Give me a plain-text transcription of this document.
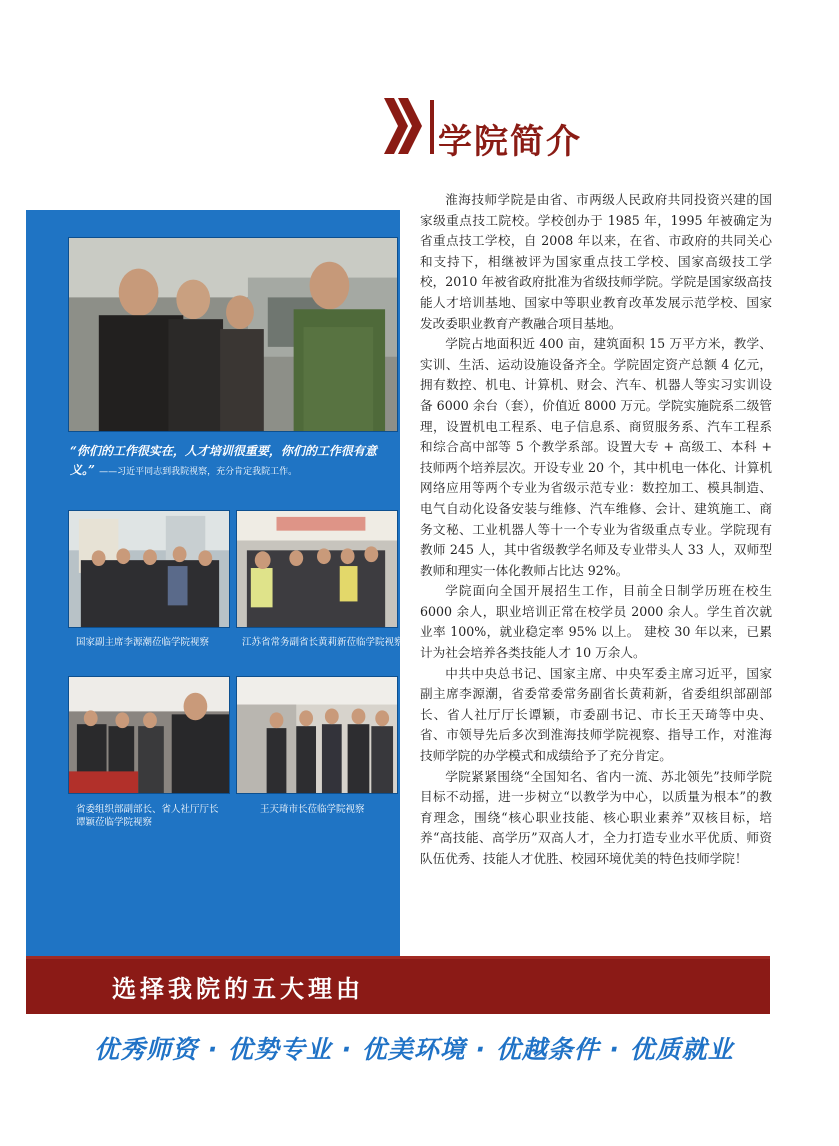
学院简介
“你们的工作很实在，人才培训很重要，你们的工作很有意义。” ——习近平同志到我院视察，充分肯定我院工作。
国家副主席李源潮莅临学院视察	江苏省常务副省长黄莉新莅临学院视察
省委组织部副部长、省人社厅厅长谭颖莅临学院视察
王天琦市长莅临学院视察

淮海技师学院是由省、市两级人民政府共同投资兴建的国家级重点技工院校。学校创办于 1985 年，1995 年被确定为省重点技工学校，自 2008 年以来，在省、市政府的共同关心和支持下，相继被评为国家重点技工学校、国家高级技工学校，2010 年被省政府批准为省级技师学院。学院是国家级高技能人才培训基地、国家中等职业教育改革发展示范学校、国家发改委职业教育产教融合项目基地。

学院占地面积近 400 亩，建筑面积 15 万平方米，教学、实训、生活、运动设施设备齐全。学院固定资产总额 4 亿元，拥有数控、机电、计算机、财会、汽车、机器人等实习实训设备 6000 余台（套），价值近 8000 万元。学院实施院系二级管理，设置机电工程系、电子信息系、商贸服务系、汽车工程系和综合高中部等 5 个教学系部。设置大专 + 高级工、本科 + 技师两个培养层次。开设专业 20 个，其中机电一体化、计算机网络应用等两个专业为省级示范专业：数控加工、模具制造、电气自动化设备安装与维修、汽车维修、会计、建筑施工、商务文秘、工业机器人等十一个专业为省级重点专业。学院现有教师 245 人，其中省级教学名师及专业带头人 33 人，双师型教师和理实一体化教师占比达 92%。

学院面向全国开展招生工作，目前全日制学历班在校生 6000 余人，职业培训正常在校学员 2000 余人。学生首次就业率 100%，就业稳定率 95% 以上。 建校 30 年以来，已累计为社会培养各类技能人才 10 万余人。

中共中央总书记、国家主席、中央军委主席习近平，国家副主席李源潮，省委常委常务副省长黄莉新，省委组织部副部长、省人社厅厅长谭颖，市委副书记、市长王天琦等中央、省、市领导先后多次到淮海技师学院视察、指导工作，对淮海技师学院的办学模式和成绩给予了充分肯定。

学院紧紧围绕“全国知名、省内一流、苏北领先”技师学院目标不动摇，进一步树立“以教学为中心，以质量为根本”的教育理念，围绕“核心职业技能、核心职业素养”双核目标，培养“高技能、高学历”双高人才，全力打造专业水平优质、师资队伍优秀、技能人才优胜、校园环境优美的特色技师学院！

选择我院的五大理由
优秀师资 · 优势专业 · 优美环境 · 优越条件 · 优质就业
